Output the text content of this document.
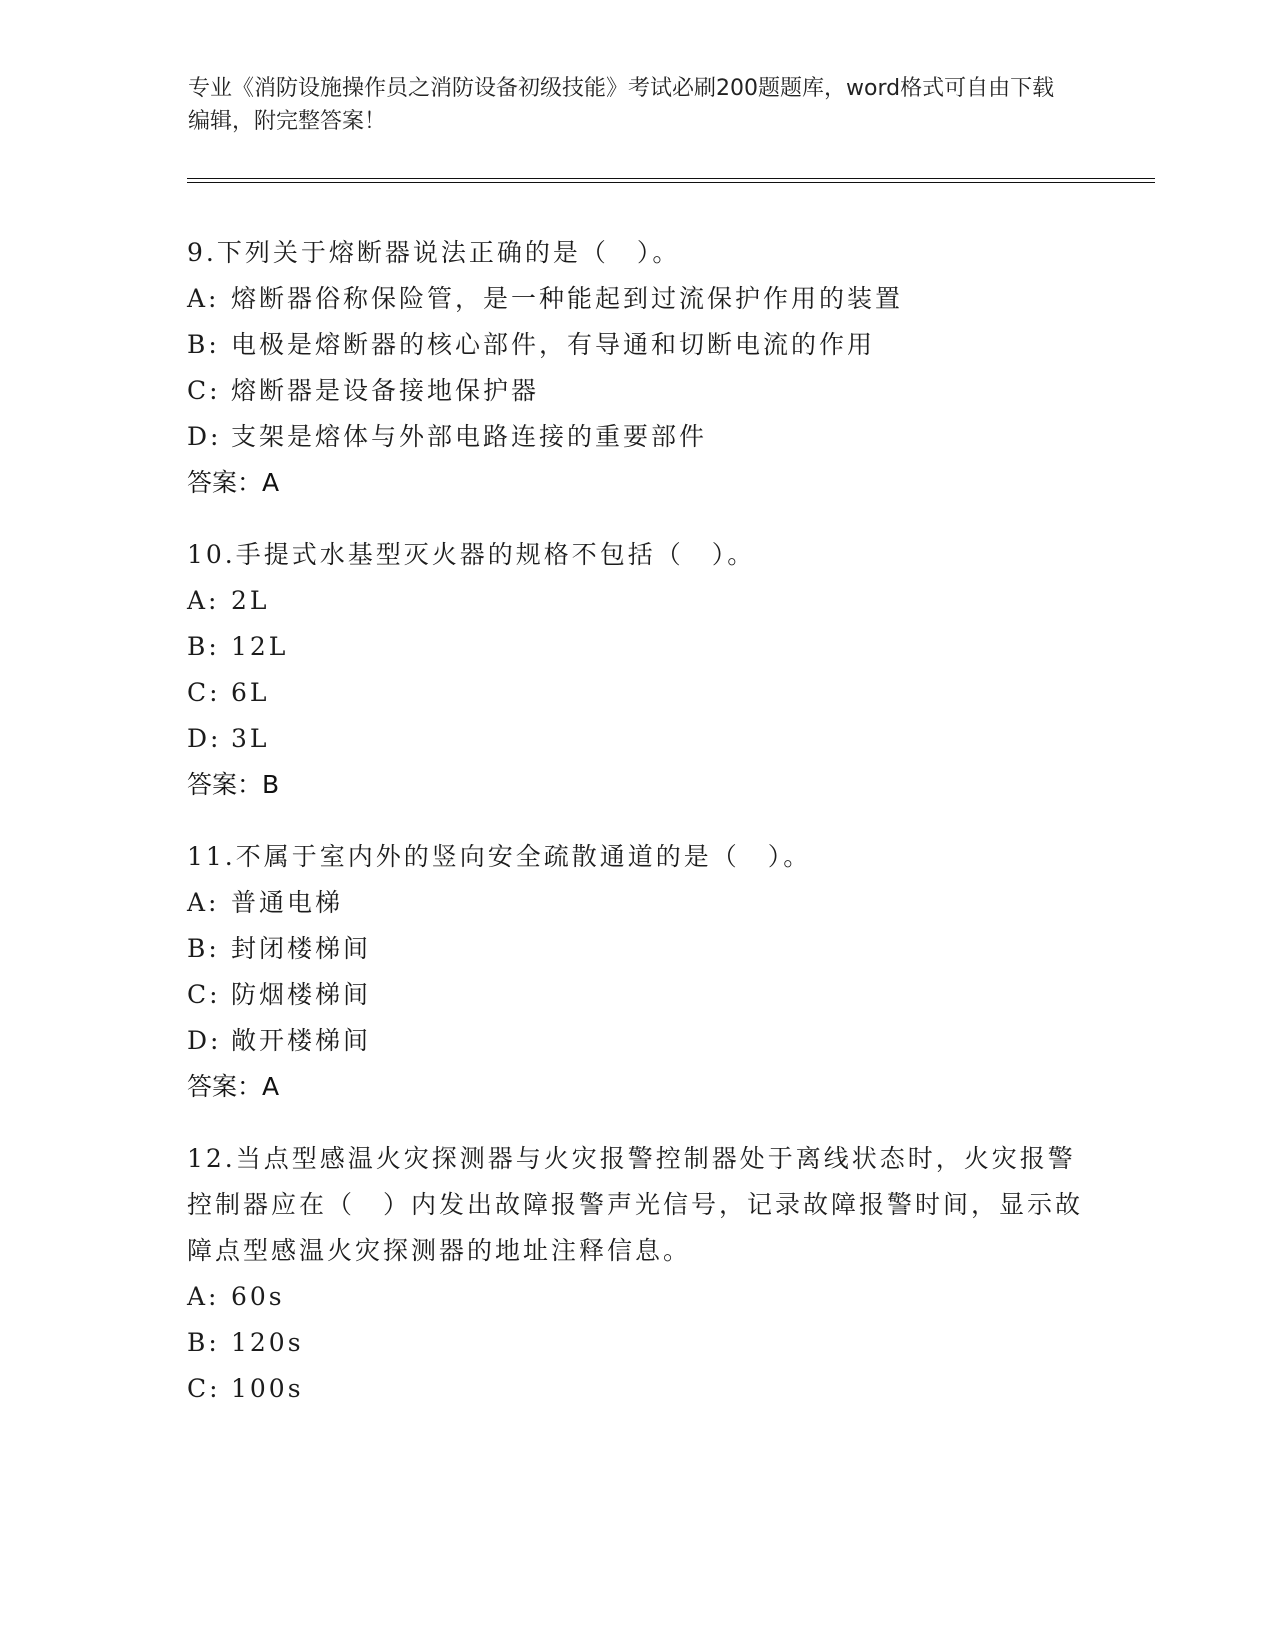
专业《消防设施操作员之消防设备初级技能》考试必刷200题题库，word格式可自由下载编辑，附完整答案！
9.下列关于熔断器说法正确的是（　）。
A: 熔断器俗称保险管，是一种能起到过流保护作用的装置
B: 电极是熔断器的核心部件，有导通和切断电流的作用
C: 熔断器是设备接地保护器
D: 支架是熔体与外部电路连接的重要部件
答案：A
10.手提式水基型灭火器的规格不包括（　）。
A: 2L
B: 12L
C: 6L
D: 3L
答案：B
11.不属于室内外的竖向安全疏散通道的是（　）。
A: 普通电梯
B: 封闭楼梯间
C: 防烟楼梯间
D: 敞开楼梯间
答案：A
12.当点型感温火灾探测器与火灾报警控制器处于离线状态时，火灾报警控制器应在（　）内发出故障报警声光信号，记录故障报警时间，显示故障点型感温火灾探测器的地址注释信息。
A: 60s
B: 120s
C: 100s
